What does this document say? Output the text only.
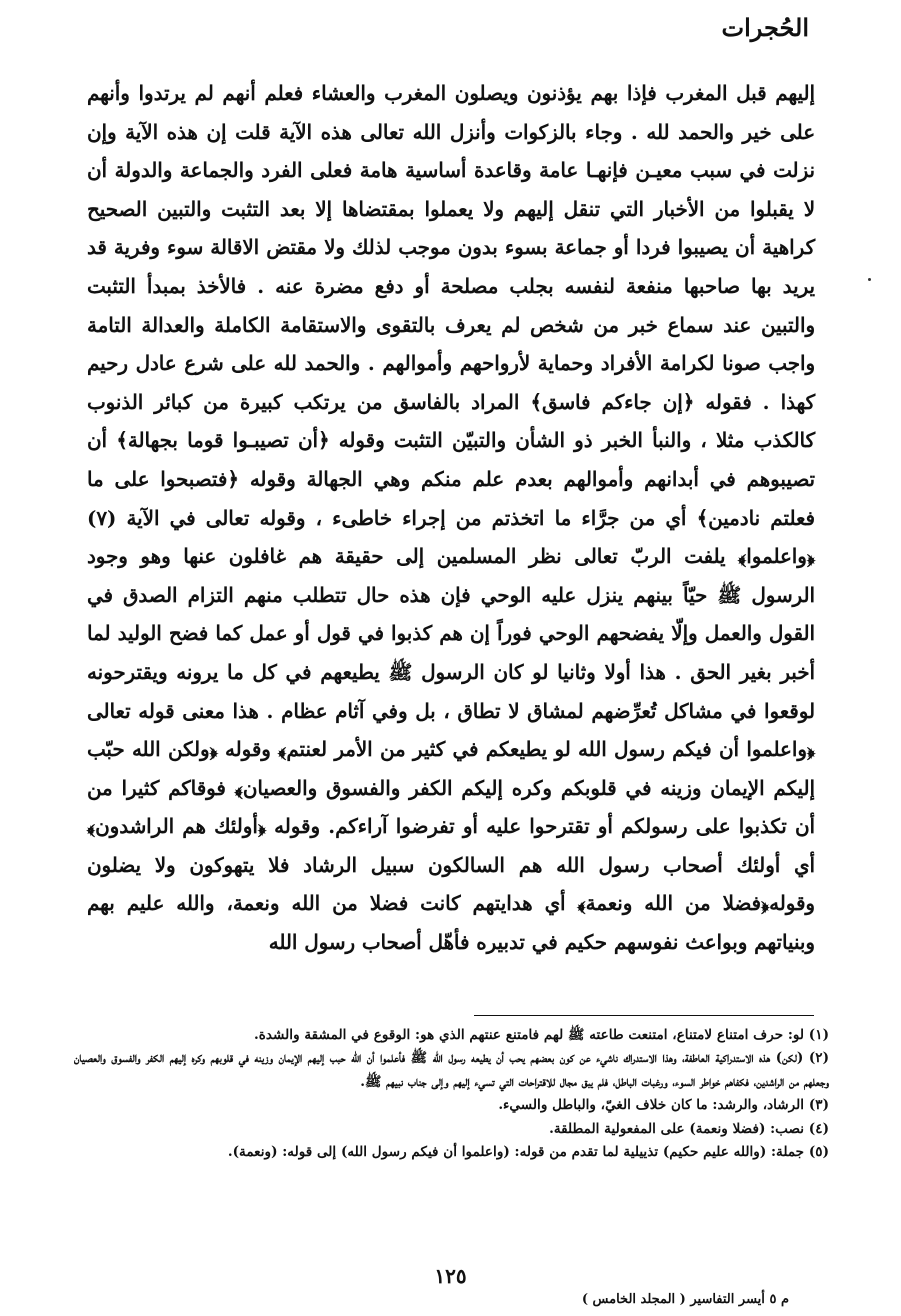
الحُجرات

إليهم قبل المغرب فإذا بهم يؤذنون ويصلون المغرب والعشاء فعلم أنهم لم يرتدوا وأنهم على خير والحمد لله . وجاء بالزكوات وأنزل الله تعالى هذه الآية قلت إن هذه الآية وإن نزلت في سبب معيـن فإنهـا عامة وقاعدة أساسية هامة فعلى الفرد والجماعة والدولة أن لا يقبلوا من الأخبار التي تنقل إليهم ولا يعملوا بمقتضاها إلا بعد التثبت والتبين الصحيح كراهية أن يصيبوا فردا أو جماعة بسوء بدون موجب لذلك ولا مقتض الاقالة سوء وفرية قد يريد بها صاحبها منفعة لنفسه بجلب مصلحة أو دفع مضرة عنه . فالأخذ بمبدأ التثبت والتبين عند سماع خبر من شخص لم يعرف بالتقوى والاستقامة الكاملة والعدالة التامة واجب صونا لكرامة الأفراد وحماية لأرواحهم وأموالهم . والحمد لله على شرع عادل رحيم كهذا . فقوله ﴿إن جاءكم فاسق﴾ المراد بالفاسق من يرتكب كبيرة من كبائر الذنوب كالكذب مثلا ، والنبأ الخبر ذو الشأن والتبيّن التثبت وقوله ﴿أن تصيبـوا قوما بجهالة﴾ أن تصيبوهم في أبدانهم وأموالهم بعدم علم منكم وهي الجهالة وقوله ﴿فتصبحوا على ما فعلتم نادمين﴾ أي من جرَّاء ما اتخذتم من إجراء خاطىء ، وقوله تعالى في الآية (٧) ﴿واعلموا﴾ يلفت الربّ تعالى نظر المسلمين إلى حقيقة هم غافلون عنها وهو وجود الرسول ﷺ حيّاً بينهم ينزل عليه الوحي فإن هذه حال تتطلب منهم التزام الصدق في القول والعمل وإلّا يفضحهم الوحي فوراً إن هم كذبوا في قول أو عمل كما فضح الوليد لما أخبر بغير الحق . هذا أولا وثانيا لو كان الرسول ﷺ يطيعهم في كل ما يرونه ويقترحونه لوقعوا في مشاكل تُعرِّضهم لمشاق لا تطاق ، بل وفي آثام عظام . هذا معنى قوله تعالى ﴿واعلموا أن فيكم رسول الله لو يطيعكم في كثير من الأمر لعنتم﴾ وقوله ﴿ولكن الله حبّب إليكم الإيمان وزينه في قلوبكم وكره إليكم الكفر والفسوق والعصيان﴾ فوقاكم كثيرا من أن تكذبوا على رسولكم أو تقترحوا عليه أو تفرضوا آراءكم. وقوله ﴿أولئك هم الراشدون﴾ أي أولئك أصحاب رسول الله هم السالكون سبيل الرشاد فلا يتهوكون ولا يضلون وقوله﴿فضلا من الله ونعمة﴾ أي هدايتهم كانت فضلا من الله ونعمة، والله عليم بهم وبنياتهم وبواعث نفوسهم حكيم في تدبيره فأهّل أصحاب رسول الله

(١) لو: حرف امتناع لامتناع، امتنعت طاعته ﷺ لهم فامتنع عنتهم الذي هو: الوقوع في المشقة والشدة.
(٢) (لكن) هذه الاستدراكية العاطفة، وهذا الاستدراك ناشيء عن كون بعضهم يحب أن يطيعه رسول الله ﷺ فأعلموا أن الله حبب إليهم الإيمان وزينه في قلوبهم وكره إليهم الكفر والفسوق والعصيان وجعلهم من الراشدين، فكفاهم خواطر السوء، ورغبات الباطل، فلم يبق مجال للاقتراحات التي تسيء إليهم وإلى جناب نبيهم ﷺ.
(٣) الرشاد، والرشد: ما كان خلاف الغيّ، والباطل والسيء.
(٤) نصب: (فضلا ونعمة) على المفعولية المطلقة.
(٥) جملة: (والله عليم حكيم) تذييلية لما تقدم من قوله: (واعلموا أن فيكم رسول الله) إلى قوله: (ونعمة).
١٢٥
م ٥ أيسر التفاسير ( المجلد الخامس )
